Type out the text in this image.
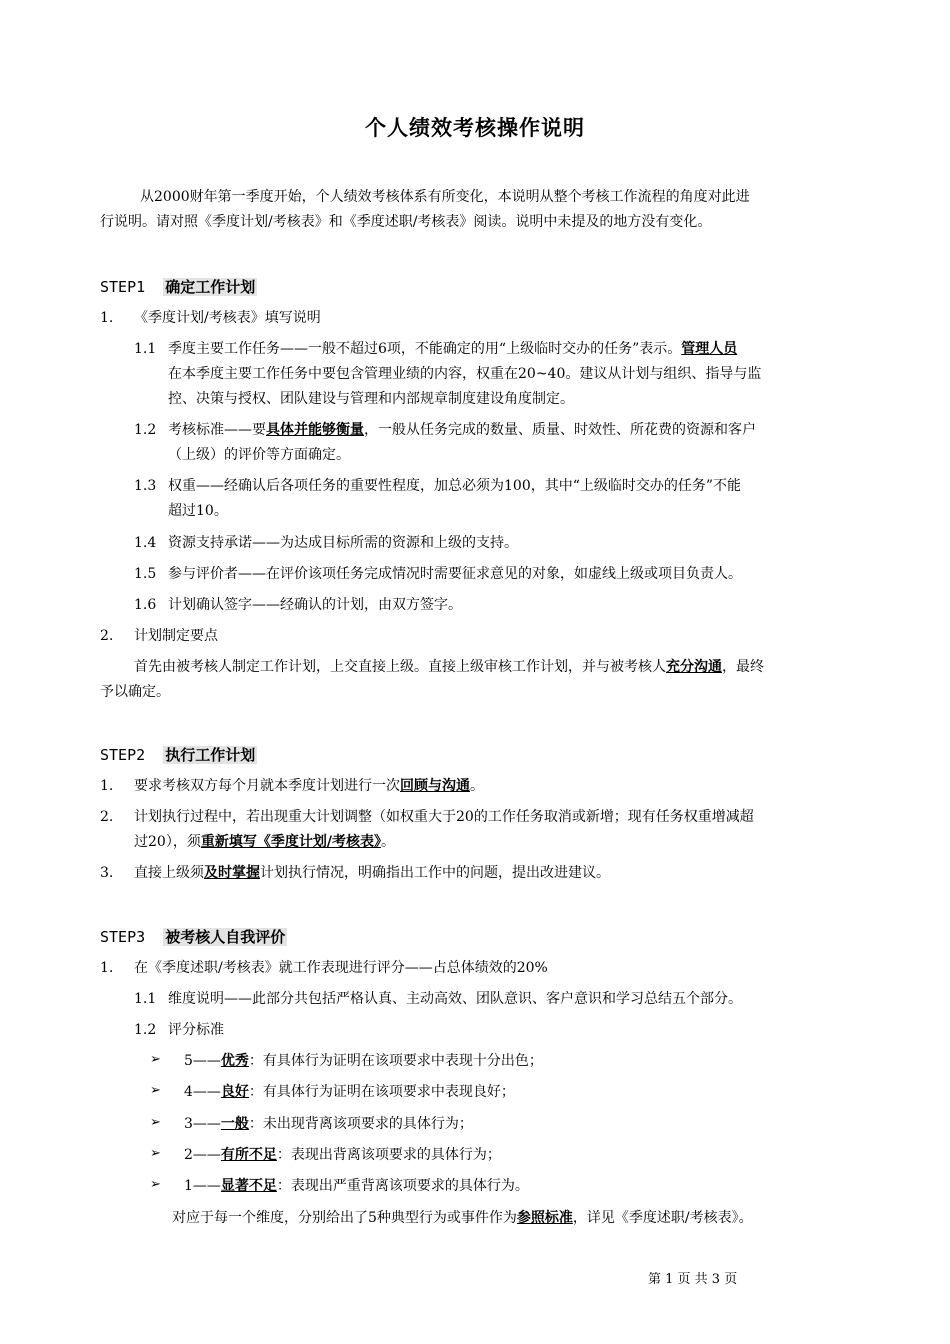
个人绩效考核操作说明
从2000财年第一季度开始，个人绩效考核体系有所变化，本说明从整个考核工作流程的角度对此进
行说明。请对照《季度计划/考核表》和《季度述职/考核表》阅读。说明中未提及的地方没有变化。
STEP1 确定工作计划
1. 《季度计划/考核表》填写说明
1.1 季度主要工作任务——一般不超过6项，不能确定的用“上级临时交办的任务”表示。管理人员
在本季度主要工作任务中要包含管理业绩的内容，权重在20~40。建议从计划与组织、指导与监
控、决策与授权、团队建设与管理和内部规章制度建设角度制定。
1.2 考核标准——要具体并能够衡量，一般从任务完成的数量、质量、时效性、所花费的资源和客户
（上级）的评价等方面确定。
1.3 权重——经确认后各项任务的重要性程度，加总必须为100，其中“上级临时交办的任务”不能
超过10。
1.4 资源支持承诺——为达成目标所需的资源和上级的支持。
1.5 参与评价者——在评价该项任务完成情况时需要征求意见的对象，如虚线上级或项目负责人。
1.6 计划确认签字——经确认的计划，由双方签字。
2. 计划制定要点
首先由被考核人制定工作计划，上交直接上级。直接上级审核工作计划，并与被考核人充分沟通，最终
予以确定。
STEP2 执行工作计划
1. 要求考核双方每个月就本季度计划进行一次回顾与沟通。
2. 计划执行过程中，若出现重大计划调整（如权重大于20的工作任务取消或新增；现有任务权重增减超
过20），须重新填写《季度计划/考核表》。
3. 直接上级须及时掌握计划执行情况，明确指出工作中的问题，提出改进建议。
STEP3 被考核人自我评价
1. 在《季度述职/考核表》就工作表现进行评分——占总体绩效的20%
1.1 维度说明——此部分共包括严格认真、主动高效、团队意识、客户意识和学习总结五个部分。
1.2 评分标准
➢ 5——优秀：有具体行为证明在该项要求中表现十分出色；
➢ 4——良好：有具体行为证明在该项要求中表现良好；
➢ 3——一般：未出现背离该项要求的具体行为；
➢ 2——有所不足：表现出背离该项要求的具体行为；
➢ 1——显著不足：表现出严重背离该项要求的具体行为。
对应于每一个维度，分别给出了5种典型行为或事件作为参照标准，详见《季度述职/考核表》。
第 1 页 共 3 页
